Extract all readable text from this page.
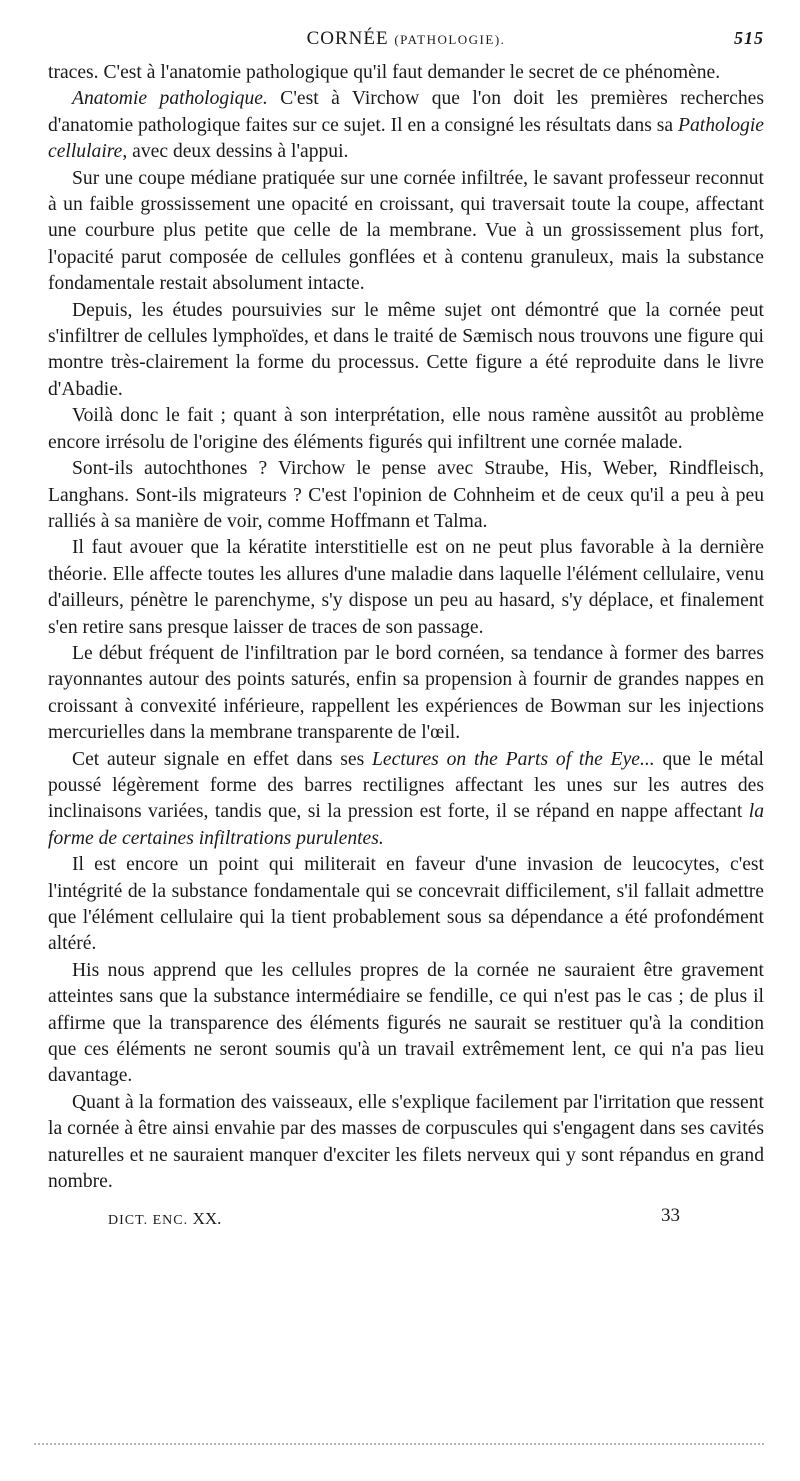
CORNÉE (PATHOLOGIE).	515

traces. C'est à l'anatomie pathologique qu'il faut demander le secret de ce phénomène.

Anatomie pathologique. C'est à Virchow que l'on doit les premières recherches d'anatomie pathologique faites sur ce sujet. Il en a consigné les résultats dans sa Pathologie cellulaire, avec deux dessins à l'appui.

Sur une coupe médiane pratiquée sur une cornée infiltrée, le savant professeur reconnut à un faible grossissement une opacité en croissant, qui traversait toute la coupe, affectant une courbure plus petite que celle de la membrane. Vue à un grossissement plus fort, l'opacité parut composée de cellules gonflées et à contenu granuleux, mais la substance fondamentale restait absolument intacte.

Depuis, les études poursuivies sur le même sujet ont démontré que la cornée peut s'infiltrer de cellules lymphoïdes, et dans le traité de Sæmisch nous trouvons une figure qui montre très-clairement la forme du processus. Cette figure a été reproduite dans le livre d'Abadie.

Voilà donc le fait ; quant à son interprétation, elle nous ramène aussitôt au problème encore irrésolu de l'origine des éléments figurés qui infiltrent une cornée malade.

Sont-ils autochthones ? Virchow le pense avec Straube, His, Weber, Rindfleisch, Langhans. Sont-ils migrateurs ? C'est l'opinion de Cohnheim et de ceux qu'il a peu à peu ralliés à sa manière de voir, comme Hoffmann et Talma.

Il faut avouer que la kératite interstitielle est on ne peut plus favorable à la dernière théorie. Elle affecte toutes les allures d'une maladie dans laquelle l'élément cellulaire, venu d'ailleurs, pénètre le parenchyme, s'y dispose un peu au hasard, s'y déplace, et finalement s'en retire sans presque laisser de traces de son passage.

Le début fréquent de l'infiltration par le bord cornéen, sa tendance à former des barres rayonnantes autour des points saturés, enfin sa propension à fournir de grandes nappes en croissant à convexité inférieure, rappellent les expériences de Bowman sur les injections mercurielles dans la membrane transparente de l'œil.

Cet auteur signale en effet dans ses Lectures on the Parts of the Eye... que le métal poussé légèrement forme des barres rectilignes affectant les unes sur les autres des inclinaisons variées, tandis que, si la pression est forte, il se répand en nappe affectant la forme de certaines infiltrations purulentes.

Il est encore un point qui militerait en faveur d'une invasion de leucocytes, c'est l'intégrité de la substance fondamentale qui se concevrait difficilement, s'il fallait admettre que l'élément cellulaire qui la tient probablement sous sa dépendance a été profondément altéré.

His nous apprend que les cellules propres de la cornée ne sauraient être gravement atteintes sans que la substance intermédiaire se fendille, ce qui n'est pas le cas ; de plus il affirme que la transparence des éléments figurés ne saurait se restituer qu'à la condition que ces éléments ne seront soumis qu'à un travail extrêmement lent, ce qui n'a pas lieu davantage.

Quant à la formation des vaisseaux, elle s'explique facilement par l'irritation que ressent la cornée à être ainsi envahie par des masses de corpuscules qui s'engagent dans ses cavités naturelles et ne sauraient manquer d'exciter les filets nerveux qui y sont répandus en grand nombre.

DICT. ENC. XX.	33
